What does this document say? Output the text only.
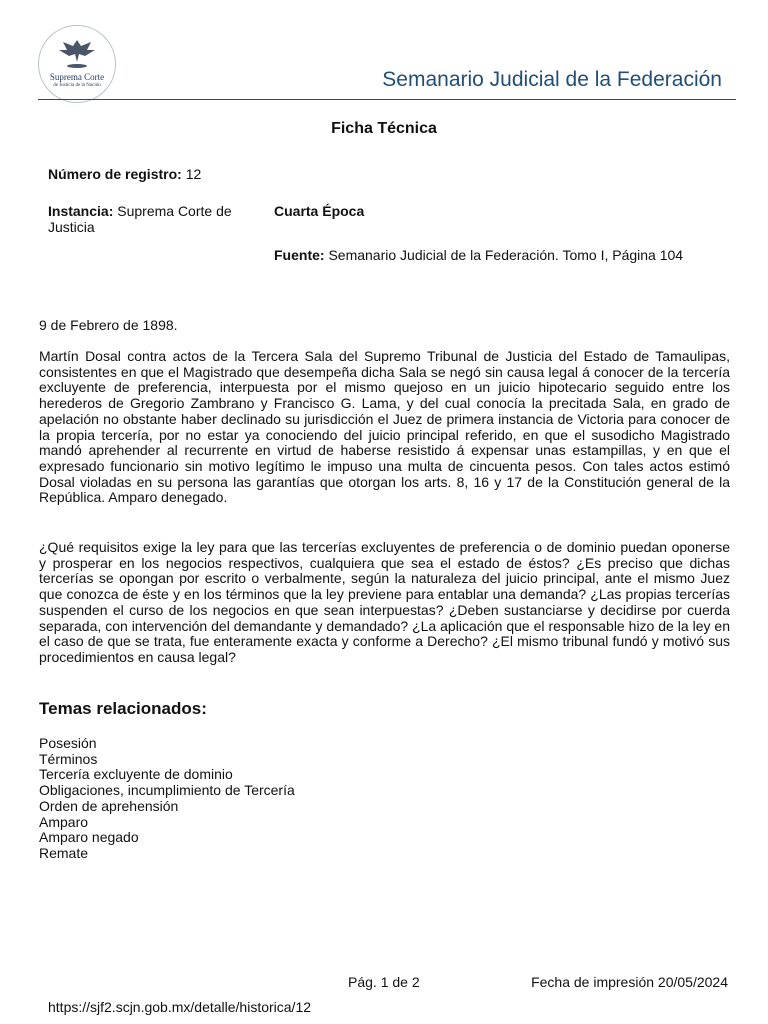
Suprema Corte
de Justicia de la Nación	Semanario Judicial de la Federación
Ficha Técnica
Número de registro: 12
Instancia: Suprema Corte de Justicia
Cuarta Época
Fuente: Semanario Judicial de la Federación. Tomo I, Página 104
9 de Febrero de 1898.
Martín Dosal contra actos de la Tercera Sala del Supremo Tribunal de Justicia del Estado de Tamaulipas, consistentes en que el Magistrado que desempeña dicha Sala se negó sin causa legal á conocer de la tercería excluyente de preferencia, interpuesta por el mismo quejoso en un juicio hipotecario seguido entre los herederos de Gregorio Zambrano y Francisco G. Lama, y del cual conocía la precitada Sala, en grado de apelación no obstante haber declinado su jurisdicción el Juez de primera instancia de Victoria para conocer de la propia tercería, por no estar ya conociendo del juicio principal referido, en que el susodicho Magistrado mandó aprehender al recurrente en virtud de haberse resistido á expensar unas estampillas, y en que el expresado funcionario sin motivo legítimo le impuso una multa de cincuenta pesos. Con tales actos estimó Dosal violadas en su persona las garantías que otorgan los arts. 8, 16 y 17 de la Constitución general de la República. Amparo denegado.
¿Qué requisitos exige la ley para que las tercerías excluyentes de preferencia o de dominio puedan oponerse y prosperar en los negocios respectivos, cualquiera que sea el estado de éstos? ¿Es preciso que dichas tercerías se opongan por escrito o verbalmente, según la naturaleza del juicio principal, ante el mismo Juez que conozca de éste y en los términos que la ley previene para entablar una demanda? ¿Las propias tercerías suspenden el curso de los negocios en que sean interpuestas? ¿Deben sustanciarse y decidirse por cuerda separada, con intervención del demandante y demandado? ¿La aplicación que el responsable hizo de la ley en el caso de que se trata, fue enteramente exacta y conforme a Derecho? ¿El mismo tribunal fundó y motivó sus procedimientos en causa legal?
Temas relacionados:
Posesión
Términos
Tercería excluyente de dominio
Obligaciones, incumplimiento de Tercería
Orden de aprehensión
Amparo
Amparo negado
Remate
Pág. 1 de 2	Fecha de impresión 20/05/2024
https://sjf2.scjn.gob.mx/detalle/historica/12
